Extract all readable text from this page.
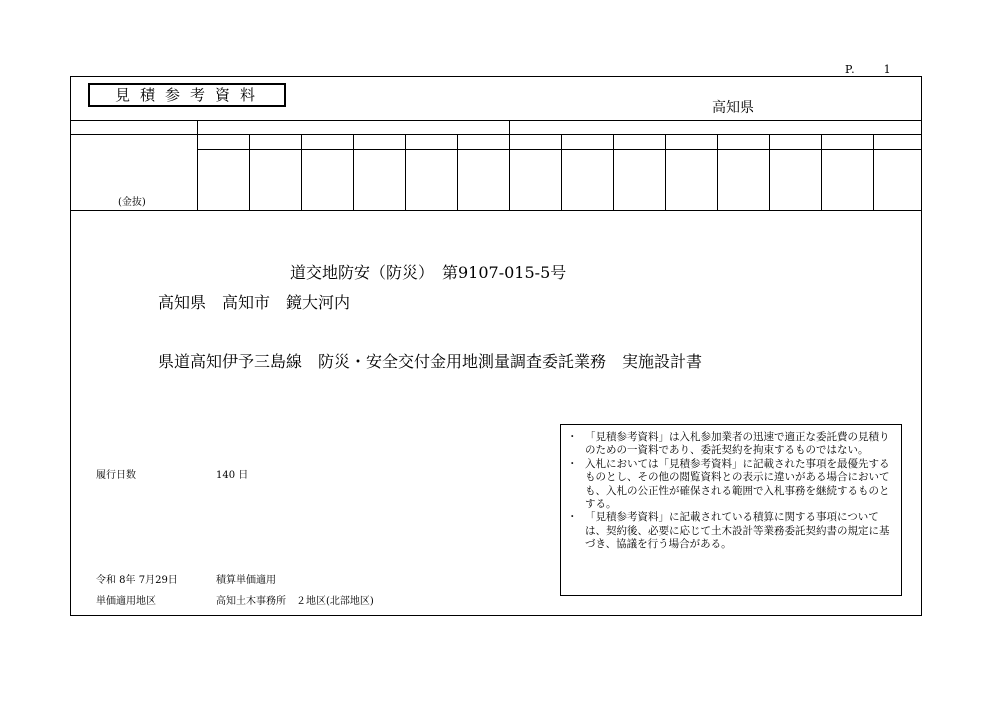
P.	1
見積参考資料
高知県
(金抜)
道交地防安（防災）　第9107-015-5号
高知県　高知市　鏡大河内
県道高知伊予三島線　防災・安全交付金用地測量調査委託業務　実施設計書
履行日数	140 日
令和 8年 7月29日	積算単価適用
単価適用地区	高知土木事務所　２地区(北部地区)
・ 「見積参考資料」は入札参加業者の迅速で適正な委託費の見積りのための一資料であり、委託契約を拘束するものではない。
・ 入札においては「見積参考資料」に記載された事項を最優先するものとし、その他の閲覧資料との表示に違いがある場合においても、入札の公正性が確保される範囲で入札事務を継続するものとする。
・ 「見積参考資料」に記載されている積算に関する事項については、契約後、必要に応じて土木設計等業務委託契約書の規定に基づき、協議を行う場合がある。
